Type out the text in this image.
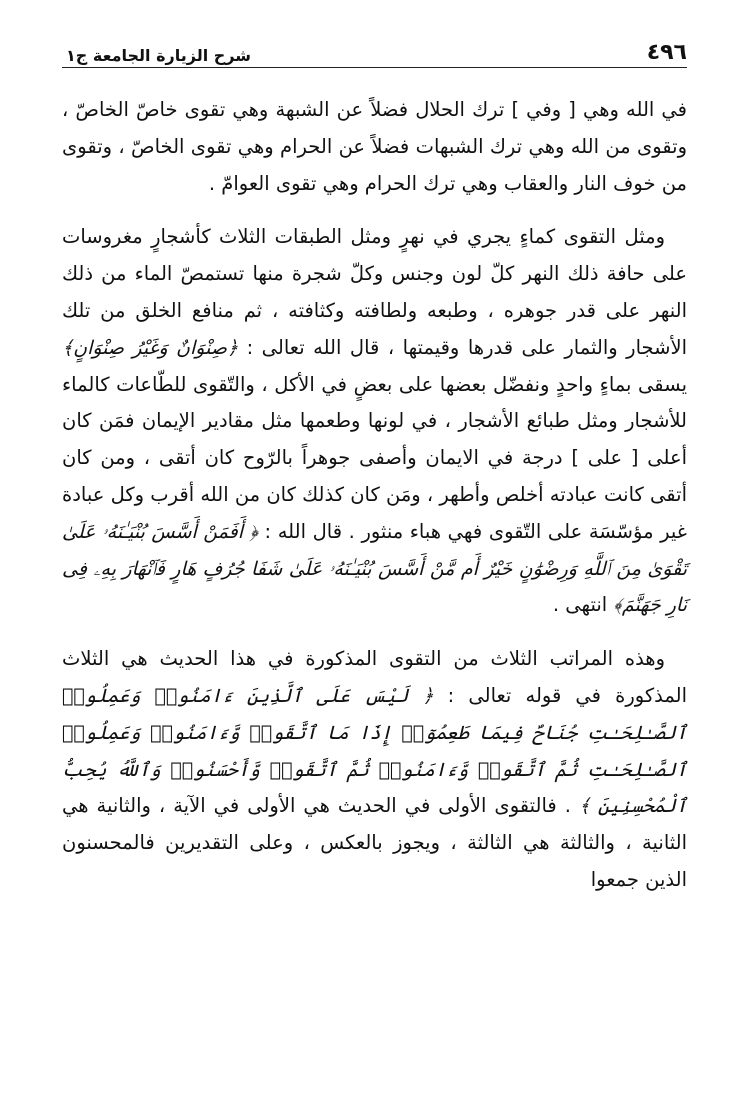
٤٩٦
شرح الزيارة الجامعة ج١

في الله وهي [ وفي ] ترك الحلال فضلاً عن الشبهة وهي تقوى خاصّ الخاصّ ، وتقوى من الله وهي ترك الشبهات فضلاً عن الحرام وهي تقوى الخاصّ ، وتقوى من خوف النار والعقاب وهي ترك الحرام وهي تقوى العوامّ .

ومثل التقوى كماءٍ يجري في نهرٍ ومثل الطبقات الثلاث كأشجارٍ مغروسات على حافة ذلك النهر كلّ لون وجنس وكلّ شجرة منها تستمصّ الماء من ذلك النهر على قدر جوهره ، وطبعه ولطافته وكثافته ، ثم منافع الخلق من تلك الأشجار والثمار على قدرها وقيمتها ، قال الله تعالى : ﴿صِنْوَانٌ وَغَيْرُ صِنْوَانٍ﴾ يسقى بماءٍ واحدٍ ونفضّل بعضها على بعضٍ في الأكل ، والتّقوى للطّاعات كالماء للأشجار ومثل طبائع الأشجار ، في لونها وطعمها مثل مقادير الإيمان فمَن كان أعلى [ على ] درجة في الايمان وأصفى جوهراً بالرّوح كان أتقى ، ومن كان أتقى كانت عبادته أخلص وأطهر ، ومَن كان كذلك كان من الله أقرب وكل عبادة غير مؤسّسَة على التّقوى فهي هباء منثور . قال الله : ﴿ أَفَمَنْ أَسَّسَ بُنْيَـٰنَهُۥ عَلَىٰ تَقْوَىٰ مِنَ ٱللَّهِ وَرِضْوَٰنٍ خَيْرٌ أَم مَّنْ أَسَّسَ بُنْيَـٰنَهُۥ عَلَىٰ شَفَا جُرُفٍ هَارٍ فَٱنْهَارَ بِهِۦ فِى نَارِ جَهَنَّمَ﴾ انتهى .

وهذه المراتب الثلاث من التقوى المذكورة في هذا الحديث هي الثلاث المذكورة في قوله تعالى : ﴿ لَيْسَ عَلَى ٱلَّذِينَ ءَامَنُوا۟ وَعَمِلُوا۟ ٱلصَّـٰلِحَـٰتِ جُنَاحٌ فِيمَا طَعِمُوٓا۟ إِذَا مَا ٱتَّقَوا۟ وَّءَامَنُوا۟ وَعَمِلُوا۟ ٱلصَّـٰلِحَـٰتِ ثُمَّ ٱتَّقَوا۟ وَّءَامَنُوا۟ ثُمَّ ٱتَّقَوا۟ وَّأَحْسَنُوا۟ وَٱللَّهُ يُحِبُّ ٱلْمُحْسِنِينَ ﴾ . فالتقوى الأولى في الحديث هي الأولى في الآية ، والثانية هي الثانية ، والثالثة هي الثالثة ، ويجوز بالعكس ، وعلى التقديرين فالمحسنون الذين جمعوا
